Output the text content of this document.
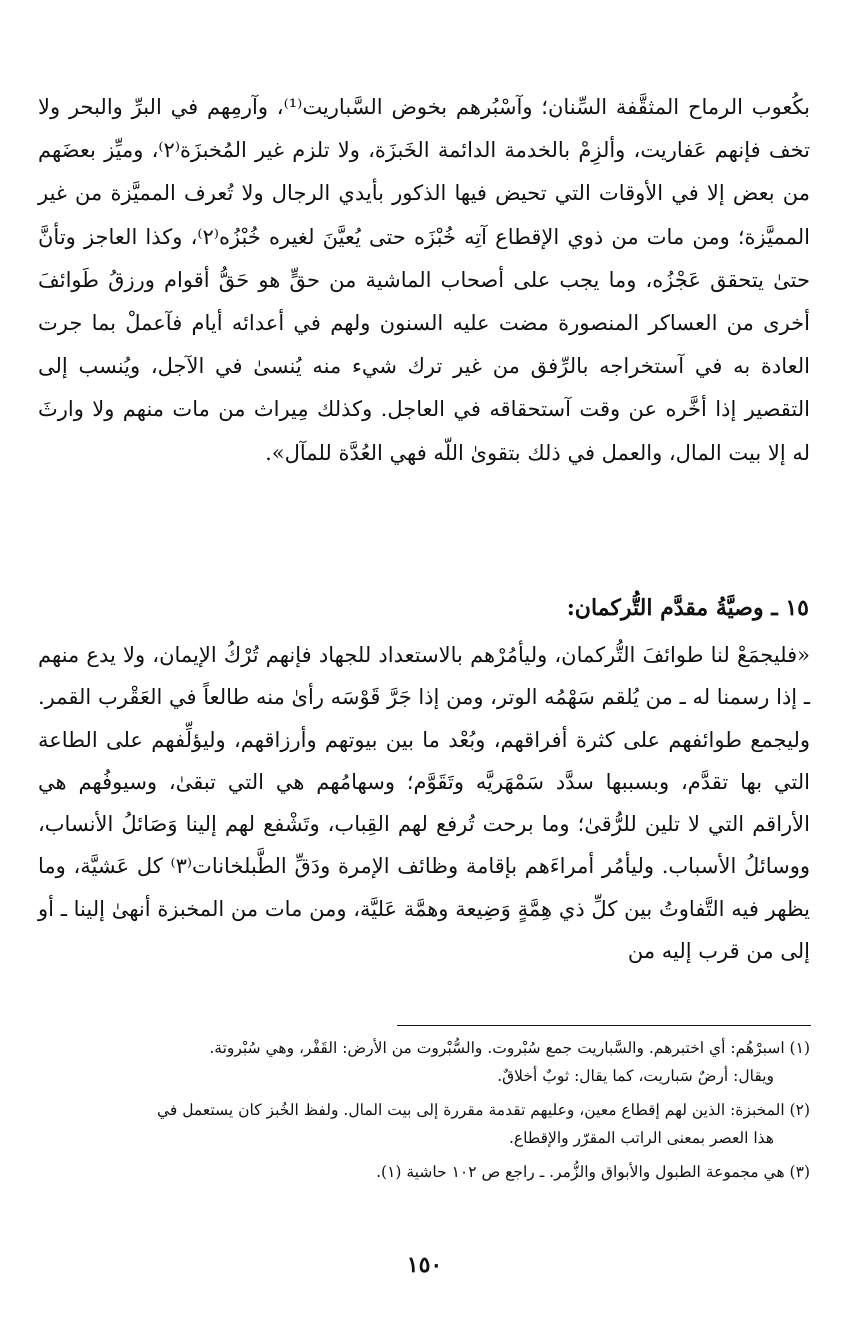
بكُعوب الرماح المثقَّفة السِّنان؛ وآسْبُرهم بخوض السَّباريت⁽¹⁾، وآرمِهم في البرِّ والبحر ولا تخف فإنهم عَفاريت، وألزِمْ بالخدمة الدائمة الخَبزَة، ولا تلزم غير المُخبزَة⁽٢⁾، وميِّز بعضَهم من بعض إلا في الأوقات التي تحيض فيها الذكور بأيدي الرجال ولا تُعرف المميَّزة من غير المميَّزة؛ ومن مات من ذوي الإقطاع آتِه خُبْزَه حتى يُعيَّنَ لغيره خُبْزُه⁽٢⁾، وكذا العاجز وتأنَّ حتىٰ يتحقق عَجْزُه، وما يجب على أصحاب الماشية من حقٍّ هو حَقُّ أقوام ورزقُ طَوائفَ أخرى من العساكر المنصورة مضت عليه السنون ولهم في أعدائه أيام فآعملْ بما جرت العادة به في آستخراجه بالرِّفق من غير ترك شيء منه يُنسىٰ في الآجل، ويُنسب إلى التقصير إذا أخَّره عن وقت آستحقاقه في العاجل. وكذلك مِيراث من مات منهم ولا وارثَ له إلا بيت المال، والعمل في ذلك بتقوىٰ اللّه فهي العُدَّة للمآل».

١٥ ـ وصيَّةُ مقدَّم التُّركمان:

«فليجمَعْ لنا طوائفَ التُّركمان، وليأمُرْهم بالاستعداد للجهاد فإنهم تُرْكُ الإيمان، ولا يدع منهم ـ إذا رسمنا له ـ من يُلقم سَهْمُه الوتر، ومن إذا جَرَّ قَوْسَه رأىٰ منه طالعاً في العَقْرب القمر. وليجمع طوائفهم على كثرة أفراقهم، وبُعْد ما بين بيوتهم وأرزاقهم، وليؤلِّفهم على الطاعة التي بها تقدَّم، وبسببها سدَّد سَمْهَريَّه وتَقَوَّم؛ وسهامُهم هي التي تبقىٰ، وسيوفُهم هي الأراقم التي لا تلين للرُّقىٰ؛ وما برحت تُرفع لهم القِباب، وتَشْفع لهم إلينا وَصَائلُ الأنساب، ووسائلُ الأسباب. وليأمُر أمراءَهم بإقامة وظائف الإمرة ودَقِّ الطَّبلخانات⁽٣⁾ كل عَشيَّة، وما يظهر فيه التَّفاوتُ بين كلِّ ذي هِمَّةٍ وَضِيعة وهمَّة عَليَّة، ومن مات من المخبزة أنهىٰ إلينا ـ أو إلى من قرب إليه من

(١) اسبرْهُم: أي اختبرهم. والسَّباريت جمع سُبْروت. والسُّبْروت من الأرض: القَفْر، وهي سُبْروتة.
ويقال: أرضٌ سَباريت، كما يقال: ثوبٌ أخلاقٌ.

(٢) المخبزة: الذين لهم إقطاع معين، وعليهم تقدمة مقررة إلى بيت المال. ولفظ الخُبز كان يستعمل في
هذا العصر بمعنى الراتب المقرّر والإقطاع.

(٣) هي مجموعة الطبول والأبواق والزُّمر. ـ راجع ص ١٠٢ حاشية (١).

١٥٠
